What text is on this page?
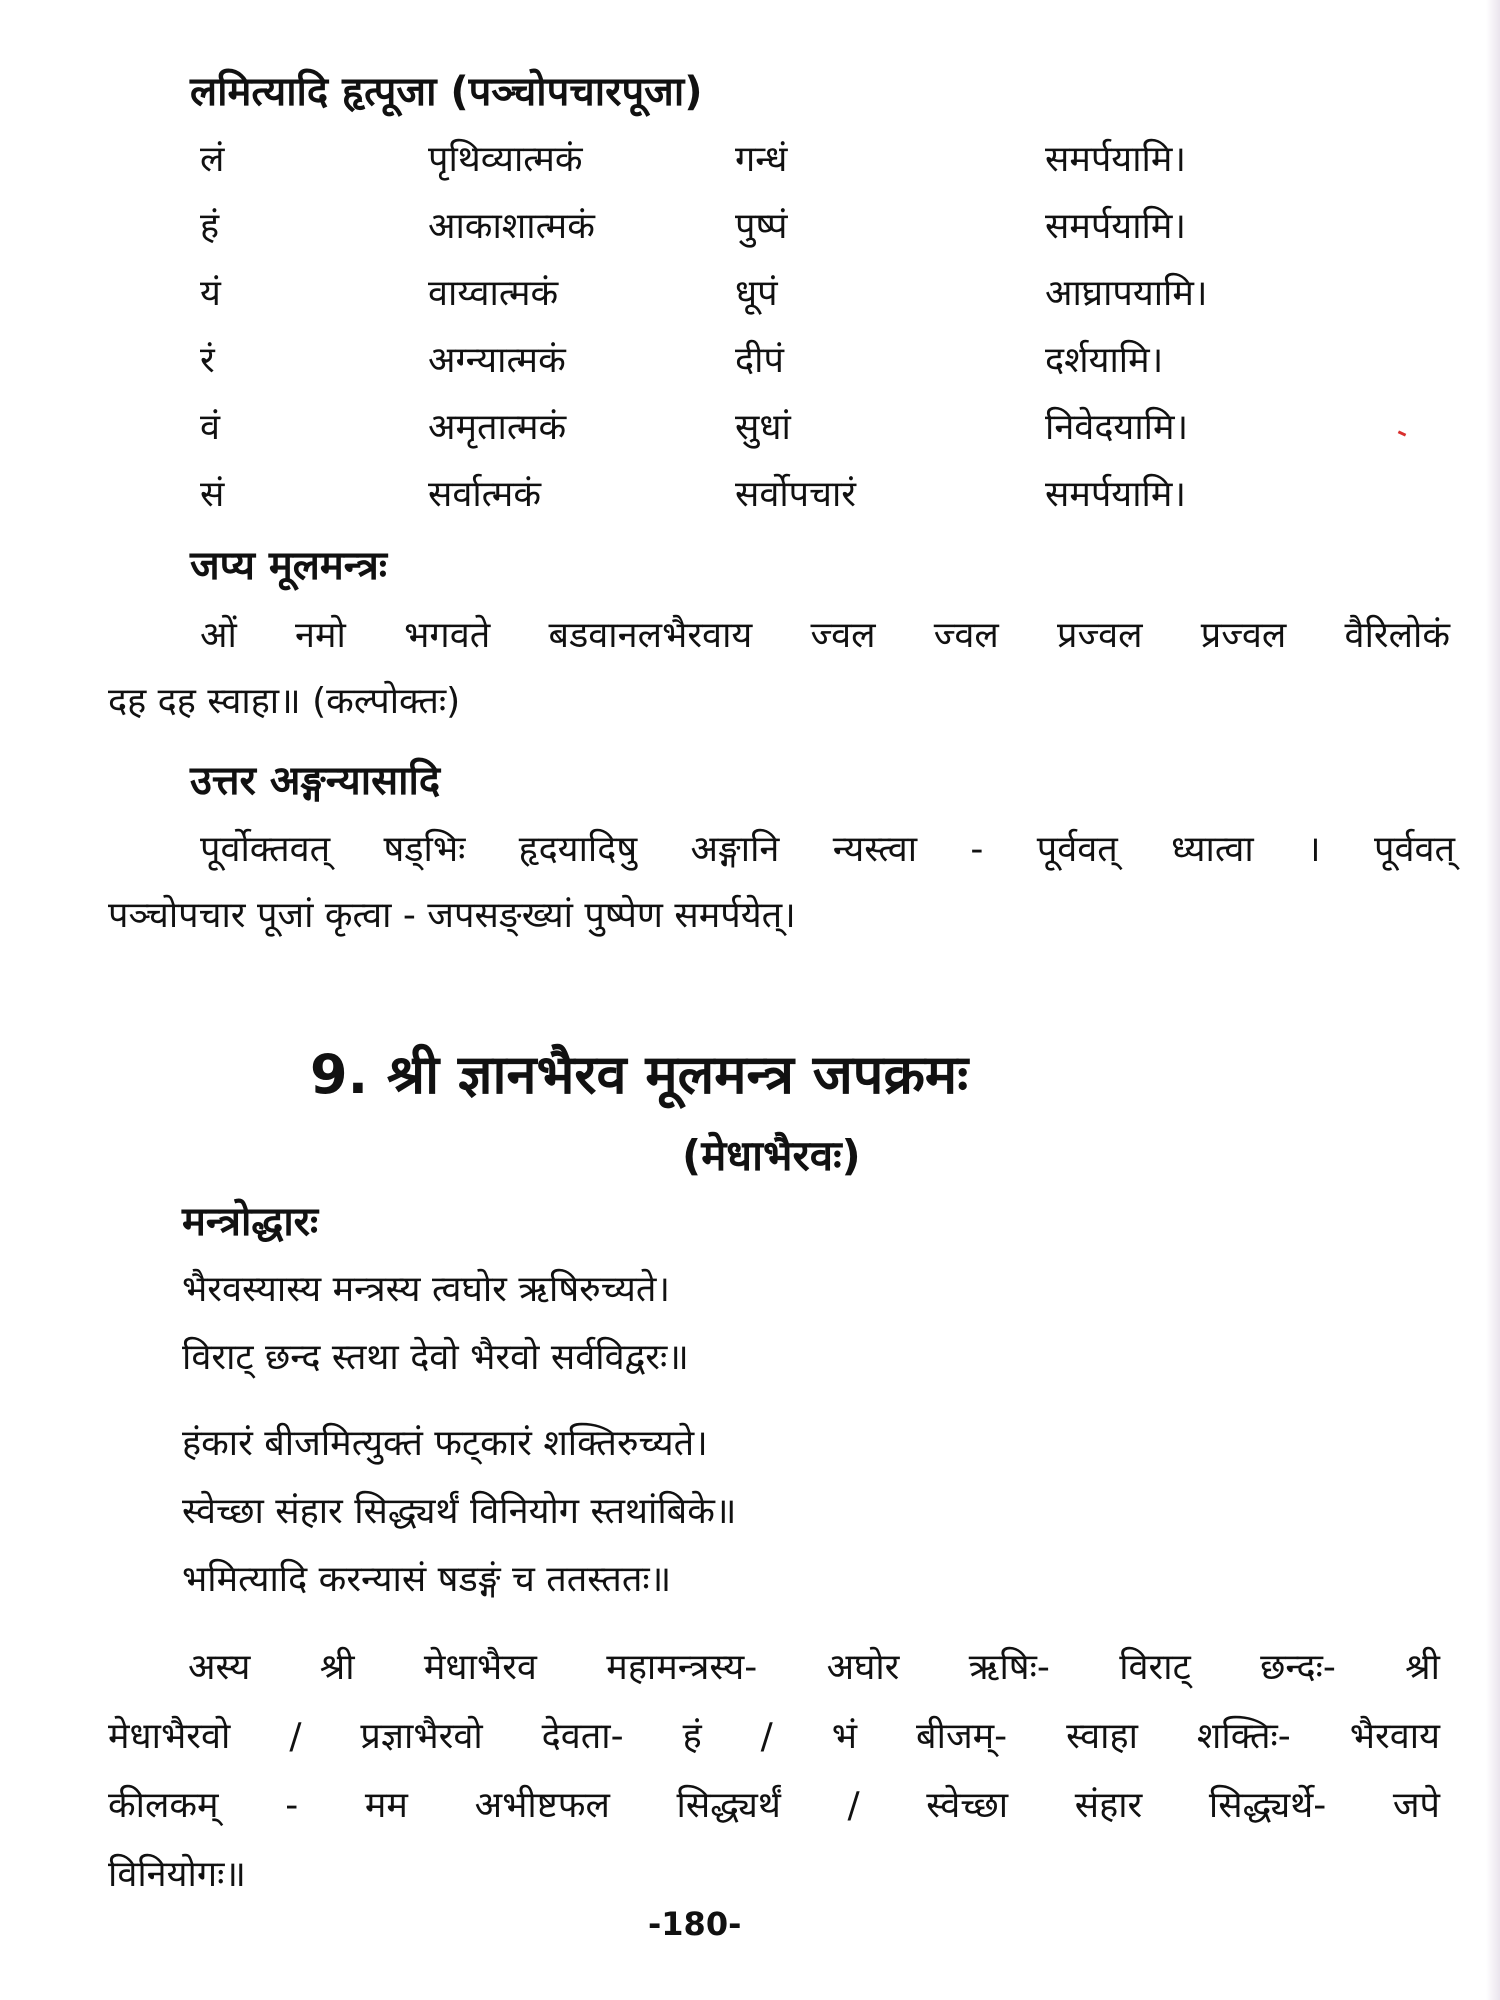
लमित्यादि हृत्पूजा (पञ्चोपचारपूजा)
लं	पृथिव्यात्मकं	गन्धं	समर्पयामि।
हं	आकाशात्मकं	पुष्पं	समर्पयामि।
यं	वाय्वात्मकं	धूपं	आघ्रापयामि।
रं	अग्न्यात्मकं	दीपं	दर्शयामि।
वं	अमृतात्मकं	सुधां	निवेदयामि।
सं	सर्वात्मकं	सर्वोपचारं	समर्पयामि।
जप्य मूलमन्त्रः
ओं नमो भगवते बडवानलभैरवाय ज्वल ज्वल प्रज्वल प्रज्वल वैरिलोकं
दह दह स्वाहा॥ (कल्पोक्तः)
उत्तर अङ्गन्यासादि
पूर्वोक्तवत् षड्भिः हृदयादिषु अङ्गानि न्यस्त्वा - पूर्ववत् ध्यात्वा । पूर्ववत्
पञ्चोपचार पूजां कृत्वा - जपसङ्ख्यां पुष्पेण समर्पयेत्।
9. श्री ज्ञानभैरव मूलमन्त्र जपक्रमः
(मेधाभैरवः)
मन्त्रोद्धारः
भैरवस्यास्य मन्त्रस्य त्वघोर ऋषिरुच्यते।
विराट् छन्द स्तथा देवो भैरवो सर्वविद्वरः॥
हंकारं बीजमित्युक्तं फट्कारं शक्तिरुच्यते।
स्वेच्छा संहार सिद्ध्यर्थं विनियोग स्तथांबिके॥
भमित्यादि करन्यासं षडङ्गं च ततस्ततः॥
अस्य श्री मेधाभैरव महामन्त्रस्य- अघोर ऋषिः- विराट् छन्दः- श्री
मेधाभैरवो / प्रज्ञाभैरवो देवता- हं / भं बीजम्- स्वाहा शक्तिः- भैरवाय
कीलकम् - मम अभीष्टफल सिद्ध्यर्थं / स्वेच्छा संहार सिद्ध्यर्थे- जपे
विनियोगः॥
-180-
